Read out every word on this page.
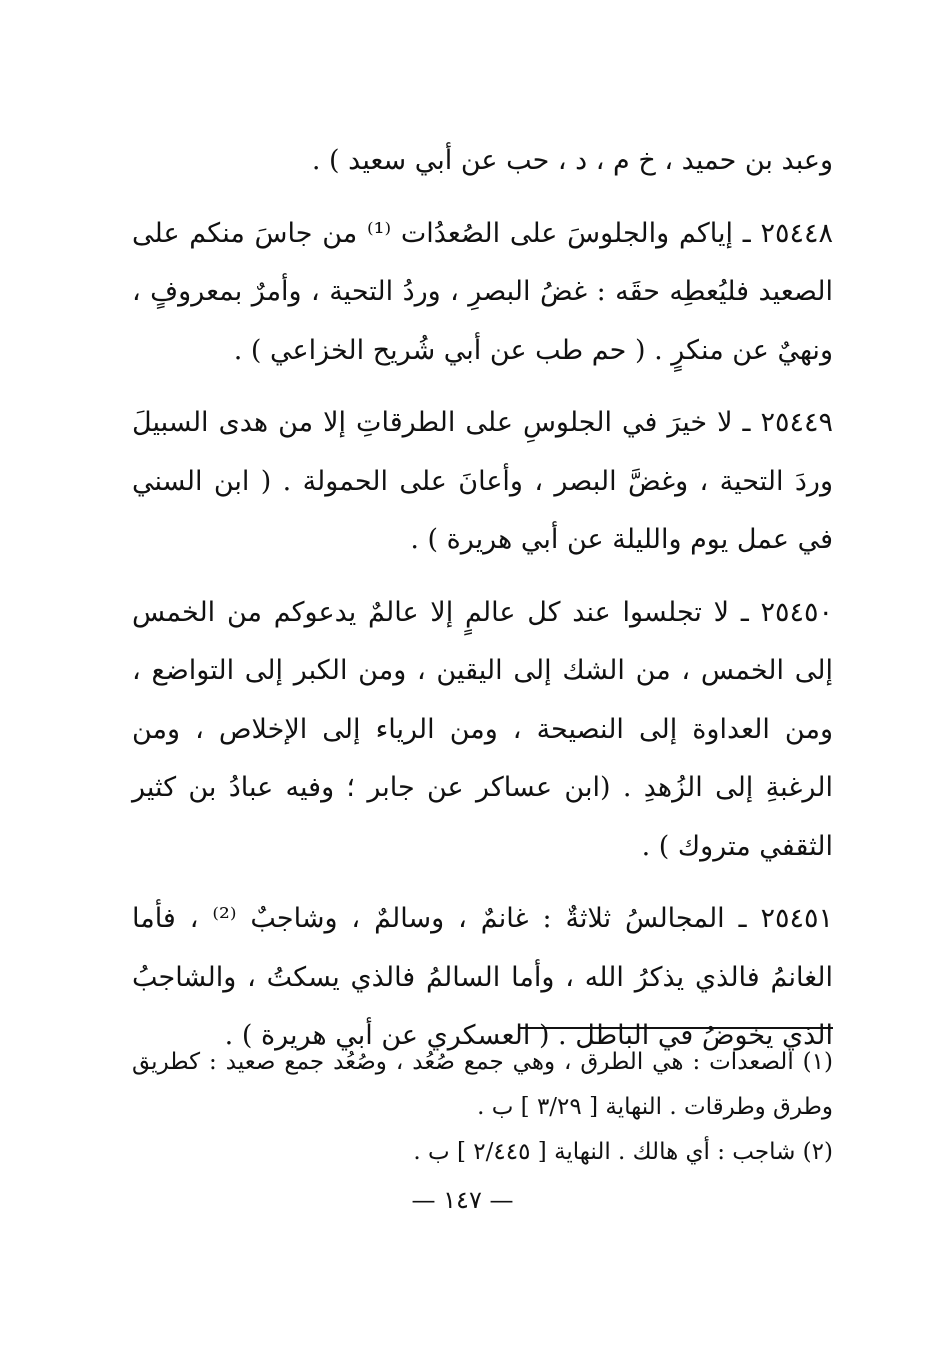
وعبد بن حميد ، خ م ، د ، حب عن أبي سعيد ) .

٢٥٤٤٨ ـ إياكم والجلوسَ على الصُعدُات ⁽¹⁾ من جاسَ منكم على الصعيد فليُعطِه حقَه : غضُ البصرِ ، وردُ التحية ، وأمرٌ بمعروفٍ ، ونهيٌ عن منكرٍ . ( حم طب عن أبي شُريح الخزاعي ) .

٢٥٤٤٩ ـ لا خيرَ في الجلوسِ على الطرقاتِ إلا من هدى السبيلَ وردَ التحية ، وغضَّ البصر ، وأعانَ على الحمولة . ( ابن السني في عمل يوم والليلة عن أبي هريرة ) .

٢٥٤٥٠ ـ لا تجلسوا عند كل عالمٍ إلا عالمٌ يدعوكم من الخمس إلى الخمس ، من الشك إلى اليقين ، ومن الكبر إلى التواضع ، ومن العداوة إلى النصيحة ، ومن الرياء إلى الإخلاص ، ومن الرغبةِ إلى الزُهدِ . (ابن عساكر عن جابر ؛ وفيه عبادُ بن كثير الثقفي متروك ) .

٢٥٤٥١ ـ المجالسُ ثلاثةٌ : غانمٌ ، وسالمٌ ، وشاجبٌ ⁽²⁾ ، فأما الغانمُ فالذي يذكرُ الله ، وأما السالمُ فالذي يسكتُ ، والشاجبُ الذي يخوضُ في الباطل . ( العسكري عن أبي هريرة ) .

(١) الصعدات : هي الطرق ، وهي جمع صُعُد ، وصُعُد جمع صعيد : كطريق وطرق وطرقات . النهاية [ ٣/٢٩ ] ب .

(٢) شاجب : أي هالك . النهاية [ ٢/٤٤٥ ] ب .

— ١٤٧ —
